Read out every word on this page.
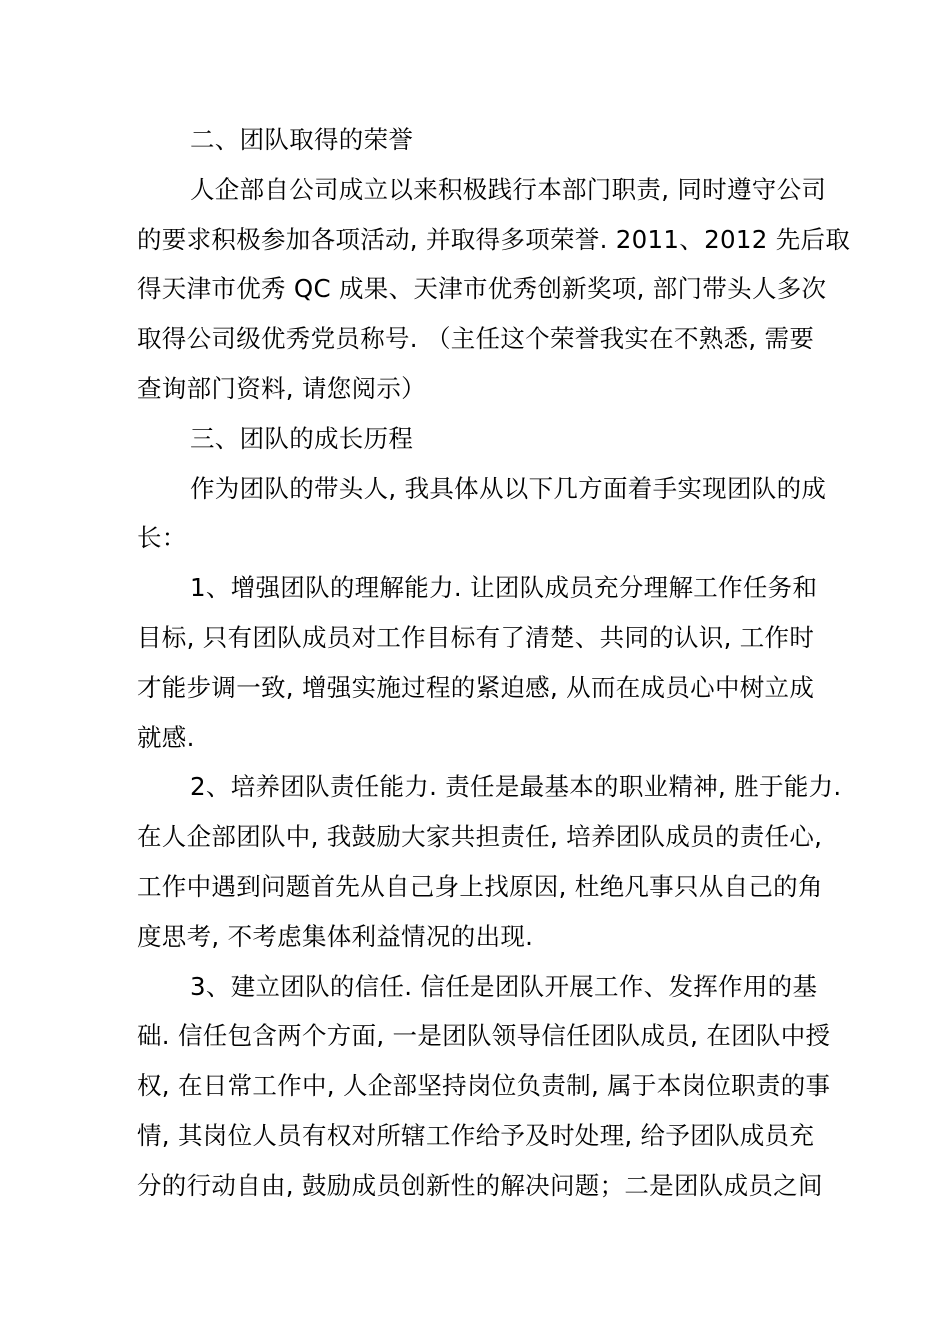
二、团队取得的荣誉
人企部自公司成立以来积极践行本部门职责, 同时遵守公司
的要求积极参加各项活动, 并取得多项荣誉. 2011、2012 先后取
得天津市优秀 QC 成果、天津市优秀创新奖项, 部门带头人多次
取得公司级优秀党员称号. （主任这个荣誉我实在不熟悉, 需要
查询部门资料, 请您阅示）
三、团队的成长历程
作为团队的带头人, 我具体从以下几方面着手实现团队的成
长：
1、增强团队的理解能力. 让团队成员充分理解工作任务和
目标, 只有团队成员对工作目标有了清楚、共同的认识, 工作时
才能步调一致, 增强实施过程的紧迫感, 从而在成员心中树立成
就感.
2、培养团队责任能力. 责任是最基本的职业精神, 胜于能力.
在人企部团队中, 我鼓励大家共担责任, 培养团队成员的责任心,
工作中遇到问题首先从自己身上找原因, 杜绝凡事只从自己的角
度思考, 不考虑集体利益情况的出现.
3、建立团队的信任. 信任是团队开展工作、发挥作用的基
础. 信任包含两个方面, 一是团队领导信任团队成员, 在团队中授
权, 在日常工作中, 人企部坚持岗位负责制, 属于本岗位职责的事
情, 其岗位人员有权对所辖工作给予及时处理, 给予团队成员充
分的行动自由, 鼓励成员创新性的解决问题；二是团队成员之间
